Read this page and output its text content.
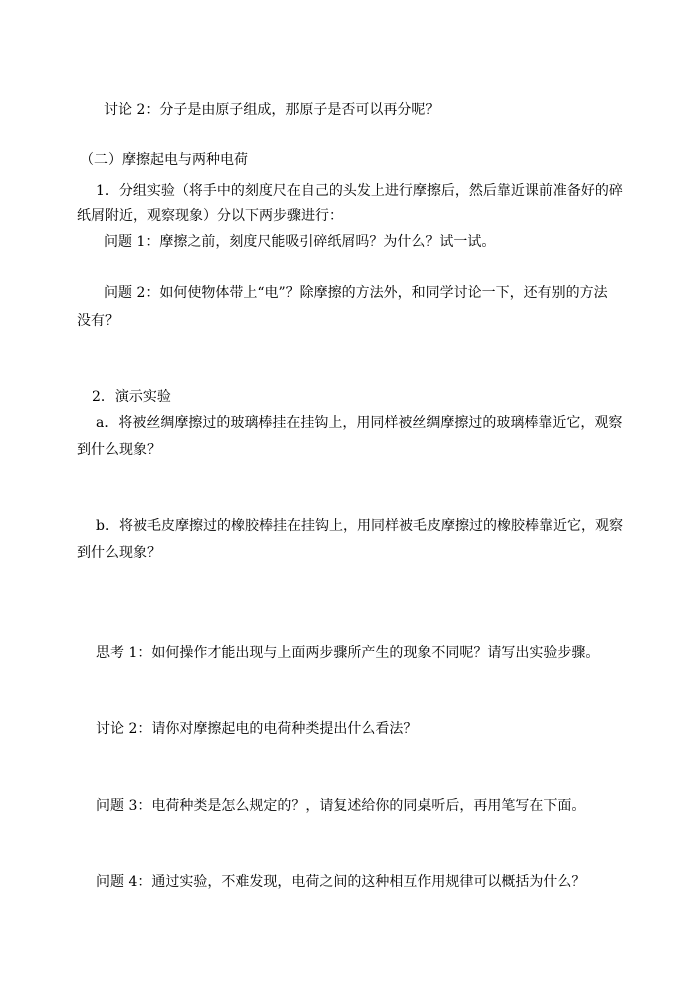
讨论 2：分子是由原子组成，那原子是否可以再分呢？
（二）摩擦起电与两种电荷
1．分组实验（将手中的刻度尺在自己的头发上进行摩擦后，然后靠近课前准备好的碎
纸屑附近，观察现象）分以下两步骤进行：
问题 1：摩擦之前，刻度尺能吸引碎纸屑吗？为什么？试一试。
问题 2：如何使物体带上“电”？除摩擦的方法外，和同学讨论一下，还有别的方法
没有？
2．演示实验
a．将被丝绸摩擦过的玻璃棒挂在挂钩上，用同样被丝绸摩擦过的玻璃棒靠近它，观察
到什么现象？
b．将被毛皮摩擦过的橡胶棒挂在挂钩上，用同样被毛皮摩擦过的橡胶棒靠近它，观察
到什么现象？
思考 1：如何操作才能出现与上面两步骤所产生的现象不同呢？请写出实验步骤。
讨论 2：请你对摩擦起电的电荷种类提出什么看法？
问题 3：电荷种类是怎么规定的？，请复述给你的同桌听后，再用笔写在下面。
问题 4：通过实验，不难发现，电荷之间的这种相互作用规律可以概括为什么？
